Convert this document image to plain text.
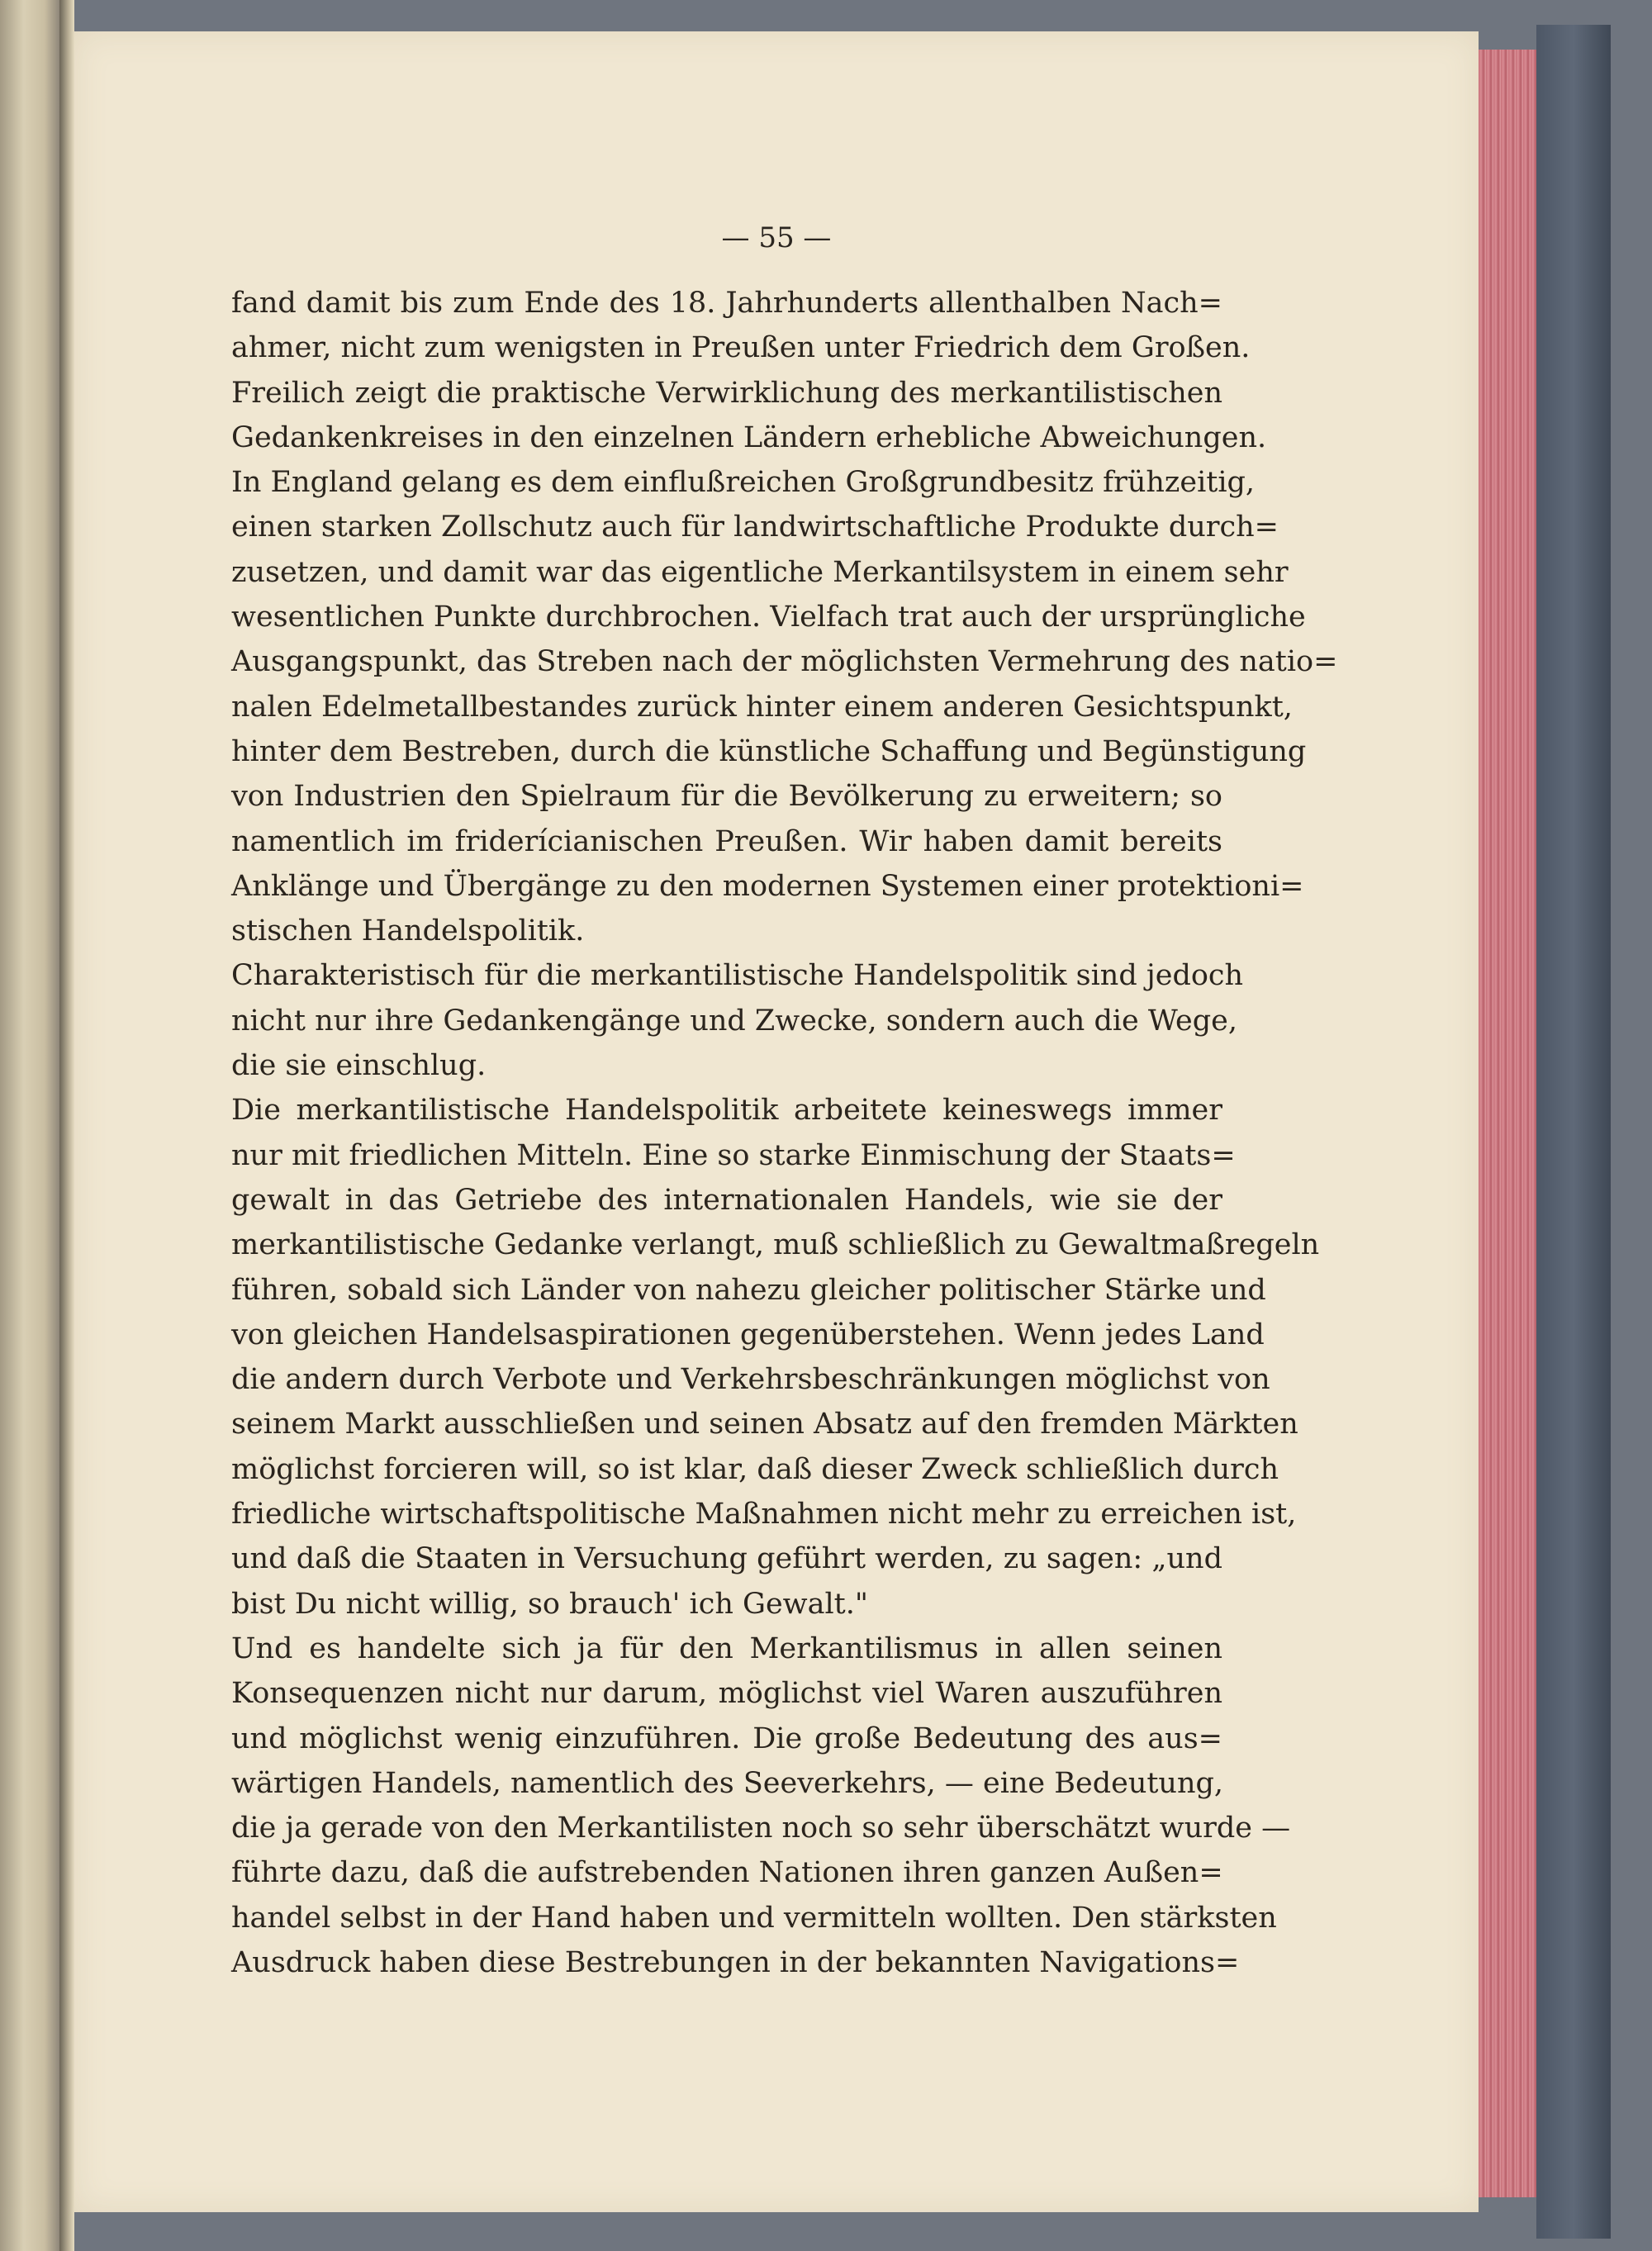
— 55 —

fand damit bis zum Ende des 18. Jahrhunderts allenthalben Nach=
ahmer, nicht zum wenigsten in Preußen unter Friedrich dem Großen.
Freilich zeigt die praktische Verwirklichung des merkantilistischen
Gedankenkreises in den einzelnen Ländern erhebliche Abweichungen.
In England gelang es dem einflußreichen Großgrundbesitz frühzeitig,
einen starken Zollschutz auch für landwirtschaftliche Produkte durch=
zusetzen, und damit war das eigentliche Merkantilsystem in einem sehr
wesentlichen Punkte durchbrochen. Vielfach trat auch der ursprüngliche
Ausgangspunkt, das Streben nach der möglichsten Vermehrung des natio=
nalen Edelmetallbestandes zurück hinter einem anderen Gesichtspunkt,
hinter dem Bestreben, durch die künstliche Schaffung und Begünstigung
von Industrien den Spielraum für die Bevölkerung zu erweitern; so
namentlich im friderícianischen Preußen. Wir haben damit bereits
Anklänge und Übergänge zu den modernen Systemen einer protektioni=
stischen Handelspolitik.
Charakteristisch für die merkantilistische Handelspolitik sind jedoch
nicht nur ihre Gedankengänge und Zwecke, sondern auch die Wege,
die sie einschlug.
Die merkantilistische Handelspolitik arbeitete keineswegs immer
nur mit friedlichen Mitteln. Eine so starke Einmischung der Staats=
gewalt in das Getriebe des internationalen Handels, wie sie der
merkantilistische Gedanke verlangt, muß schließlich zu Gewaltmaßregeln
führen, sobald sich Länder von nahezu gleicher politischer Stärke und
von gleichen Handelsaspirationen gegenüberstehen. Wenn jedes Land
die andern durch Verbote und Verkehrsbeschränkungen möglichst von
seinem Markt ausschließen und seinen Absatz auf den fremden Märkten
möglichst forcieren will, so ist klar, daß dieser Zweck schließlich durch
friedliche wirtschaftspolitische Maßnahmen nicht mehr zu erreichen ist,
und daß die Staaten in Versuchung geführt werden, zu sagen: „und
bist Du nicht willig, so brauch' ich Gewalt."
Und es handelte sich ja für den Merkantilismus in allen seinen
Konsequenzen nicht nur darum, möglichst viel Waren auszuführen
und möglichst wenig einzuführen. Die große Bedeutung des aus=
wärtigen Handels, namentlich des Seeverkehrs, — eine Bedeutung,
die ja gerade von den Merkantilisten noch so sehr überschätzt wurde —
führte dazu, daß die aufstrebenden Nationen ihren ganzen Außen=
handel selbst in der Hand haben und vermitteln wollten. Den stärksten
Ausdruck haben diese Bestrebungen in der bekannten Navigations=
